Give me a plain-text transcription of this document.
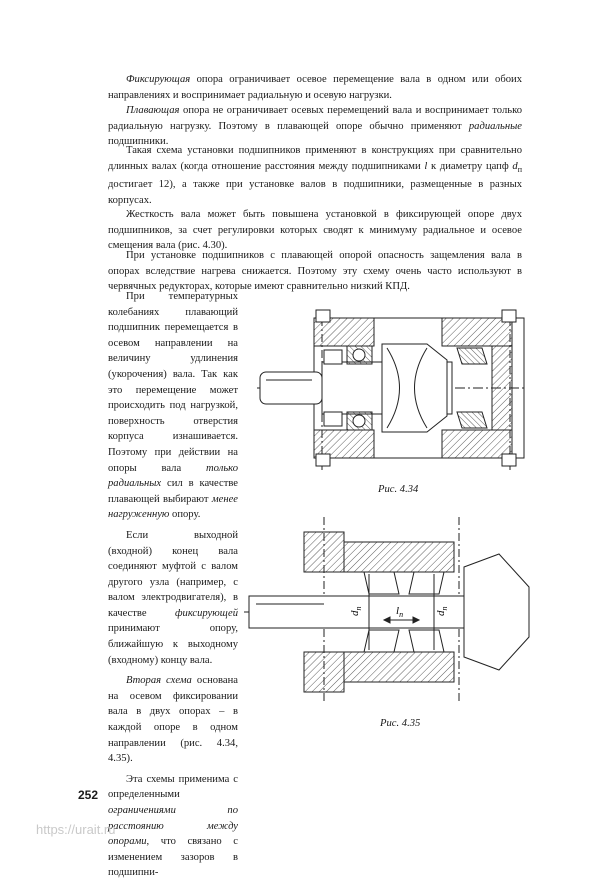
Фиксирующая опора ограничивает осевое перемещение вала в одном или обоих направлениях и воспринимает радиальную и осевую нагрузки.

Плавающая опора не ограничивает осевых перемещений вала и воспринимает только радиальную нагрузку. Поэтому в плавающей опоре обычно применяют радиальные подшипники.

Такая схема установки подшипников применяют в конструкциях при сравнительно длинных валах (когда отношение расстояния между подшипниками l к диаметру цапф $d_п$ достигает 12), а также при установке валов в подшипники, размещенные в разных корпусах.

Жесткость вала может быть повышена установкой в фиксирующей опоре двух подшипников, за счет регулировки которых сводят к минимуму радиальное и осевое смещения вала (рис. 4.30).

При установке подшипников с плавающей опорой опасность защемления вала в опорах вследствие нагрева снижается. Поэтому эту схему очень часто используют в червячных редукторах, которые имеют сравнительно низкий КПД.

При температурных колебаниях плавающий подшипник перемещается в осевом направлении на величину удлинения (укорочения) вала. Так как это перемещение может происходить под нагрузкой, поверхность отверстия корпуса изнашивается. Поэтому при действии на опоры вала только радиальных сил в качестве плавающей выбирают менее нагруженную опору.

Если выходной (входной) конец вала соединяют муфтой с валом другого узла (например, с валом электродвигателя), в качестве фиксирующей принимают опору, ближайшую к выходному (входному) концу вала.

Вторая схема основана на осевом фиксировании вала в двух опорах – в каждой опоре в одном направлении (рис. 4.34, 4.35).

Эта схемы применима с определенными ограничениями по расстоянию между опорами, что связано с изменением зазоров в подшипни-

Рис. 4.34
$d_п$
$d_п$
$l_п$
Рис. 4.35
252
https://urait.ru
